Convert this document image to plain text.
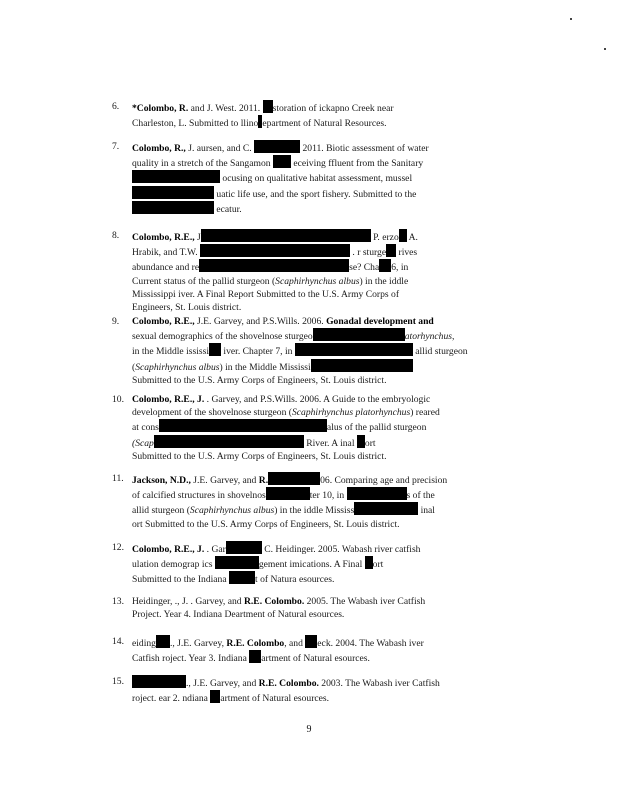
6. *Colombo, R. and J. West. 2011. storation of ickapno Creek near
Charleston, L. Submitted to llino epartment of Natural Resources.
7. Colombo, R., J. aursen, and C.	2011. Biotic assessment of water
quality in a stretch of the Sangamon  eceiving ffluent from the Sanitary
ocusing on qualitative habitat assessment, mussel
uatic life use, and the sport fishery. Submitted to the
ecatur.
8. Colombo, R.E., J	P. erzo A.
Hrabik, and T.W.	. r sturge rives
abundance and re	se? Cha 6, in
Current status of the pallid sturgeon (Scaphirhynchus albus) in the iddle
Mississippi iver. A Final Report Submitted to the U.S. Army Corps of
Engineers, St. Louis district.
9. Colombo, R.E., J.E. Garvey, and P.S.Wills. 2006. Gonadal development and
sexual demographics of the shovelnose sturgeo	atorhynchus,
in the Middle ississi iver. Chapter 7, in	allid sturgeon
(Scaphirhynchus albus) in the Middle Mississi
Submitted to the U.S. Army Corps of Engineers, St. Louis district.
10. Colombo, R.E., J. . Garvey, and P.S.Wills. 2006. A Guide to the embryologic
development of the shovelnose sturgeon (Scaphirhynchus platorhynchus) reared
at cons	alus of the pallid sturgeon
(Scap	River. A inal ort
Submitted to the U.S. Army Corps of Engineers, St. Louis district.
11. Jackson, N.D., J.E. Garvey, and R.	06. Comparing age and precision
of calcified structures in shovelnos	ter 10, in	s of the
allid sturgeon (Scaphirhynchus albus) in the iddle Mississ	inal
ort Submitted to the U.S. Army Corps of Engineers, St. Louis district.
12. Colombo, R.E., J. . Gar	C. Heidinger. 2005. Wabash river catfish
ulation demograp ics	gement imications. A Final ort
Submitted to the Indiana	t of Natura esources.
13. Heidinger, ., J. . Garvey, and R.E. Colombo. 2005. The Wabash iver Catfish
Project. Year 4. Indiana Deartment of Natural esources.
14. eiding ., J.E. Garvey, R.E. Colombo, and eck. 2004. The Wabash iver
Catfish roject. Year 3. Indiana artment of Natural esources.
15.	., J.E. Garvey, and R.E. Colombo. 2003. The Wabash iver Catfish
roject. ear 2. ndiana artment of Natural esources.
9
